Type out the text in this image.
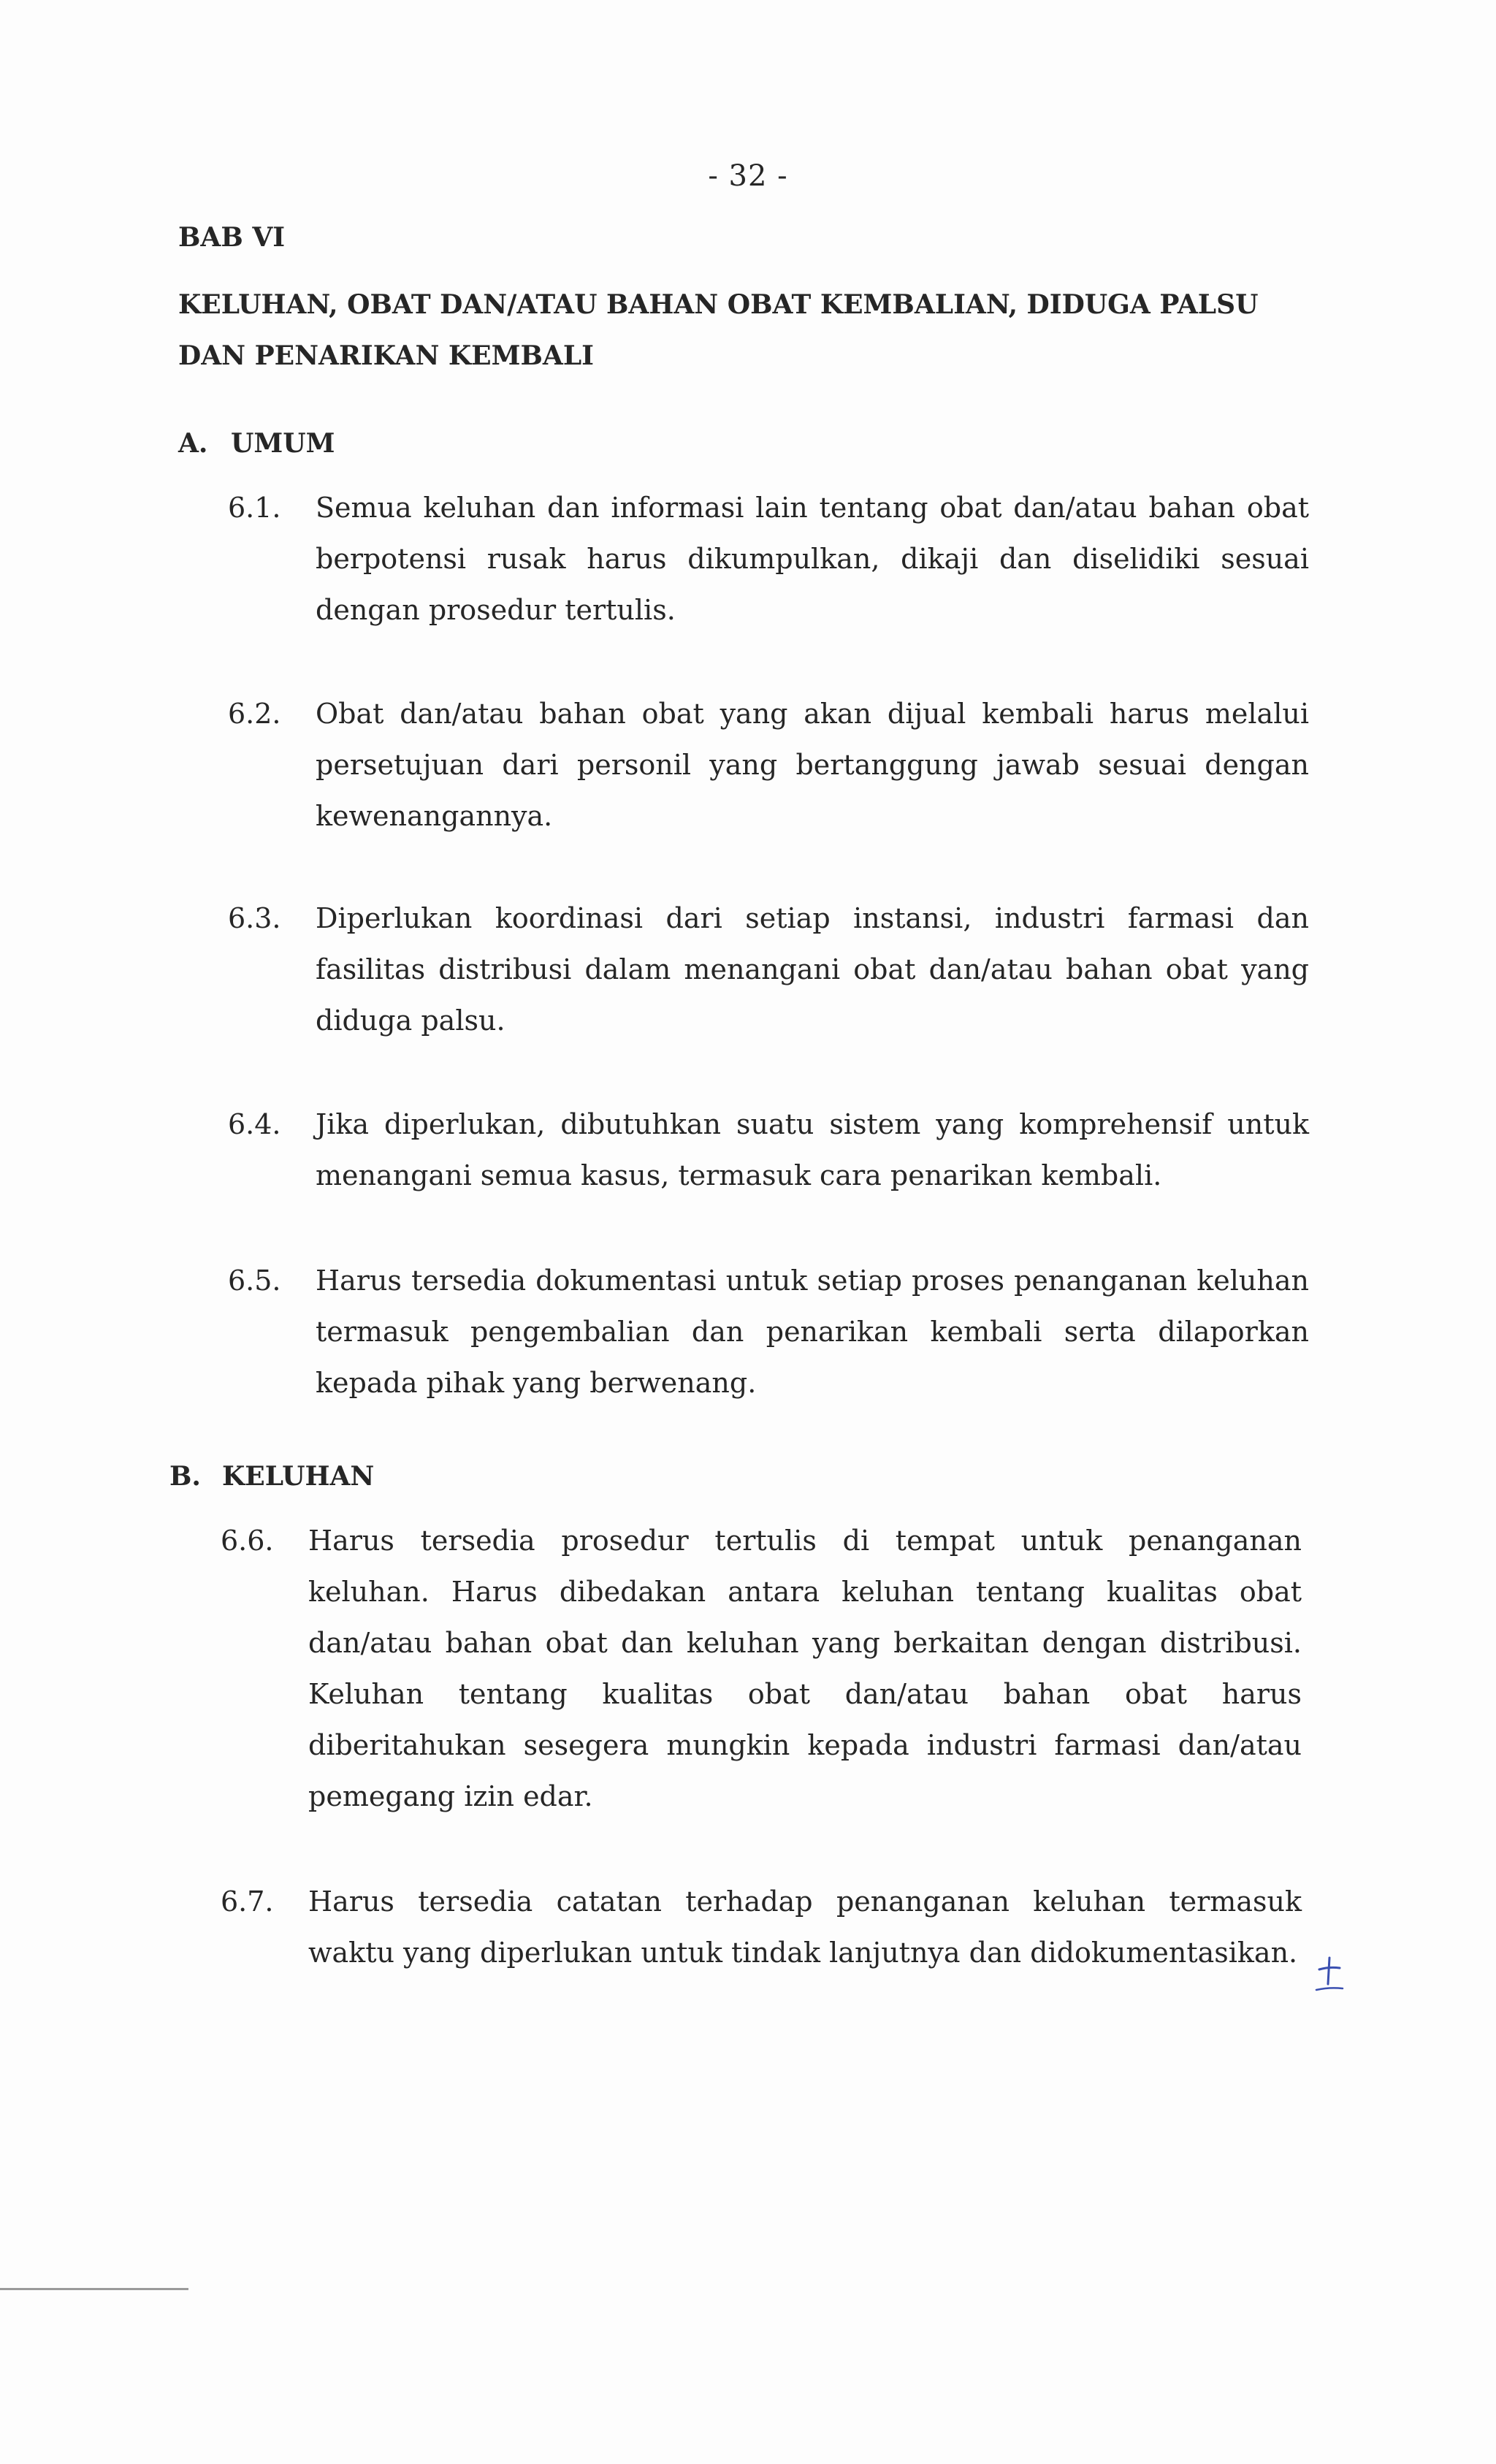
- 32 -
BAB VI
KELUHAN, OBAT DAN/ATAU BAHAN OBAT KEMBALIAN, DIDUGA PALSU DAN PENARIKAN KEMBALI
A. UMUM
6.1. Semua keluhan dan informasi lain tentang obat dan/atau bahan obat berpotensi rusak harus dikumpulkan, dikaji dan diselidiki sesuai dengan prosedur tertulis.
6.2. Obat dan/atau bahan obat yang akan dijual kembali harus melalui persetujuan dari personil yang bertanggung jawab sesuai dengan kewenangannya.
6.3. Diperlukan koordinasi dari setiap instansi, industri farmasi dan fasilitas distribusi dalam menangani obat dan/atau bahan obat yang diduga palsu.
6.4. Jika diperlukan, dibutuhkan suatu sistem yang komprehensif untuk menangani semua kasus, termasuk cara penarikan kembali.
6.5. Harus tersedia dokumentasi untuk setiap proses penanganan keluhan termasuk pengembalian dan penarikan kembali serta dilaporkan kepada pihak yang berwenang.
B. KELUHAN
6.6. Harus tersedia prosedur tertulis di tempat untuk penanganan keluhan. Harus dibedakan antara keluhan tentang kualitas obat dan/atau bahan obat dan keluhan yang berkaitan dengan distribusi. Keluhan tentang kualitas obat dan/atau bahan obat harus diberitahukan sesegera mungkin kepada industri farmasi dan/atau pemegang izin edar.
6.7. Harus tersedia catatan terhadap penanganan keluhan termasuk waktu yang diperlukan untuk tindak lanjutnya dan didokumentasikan.
